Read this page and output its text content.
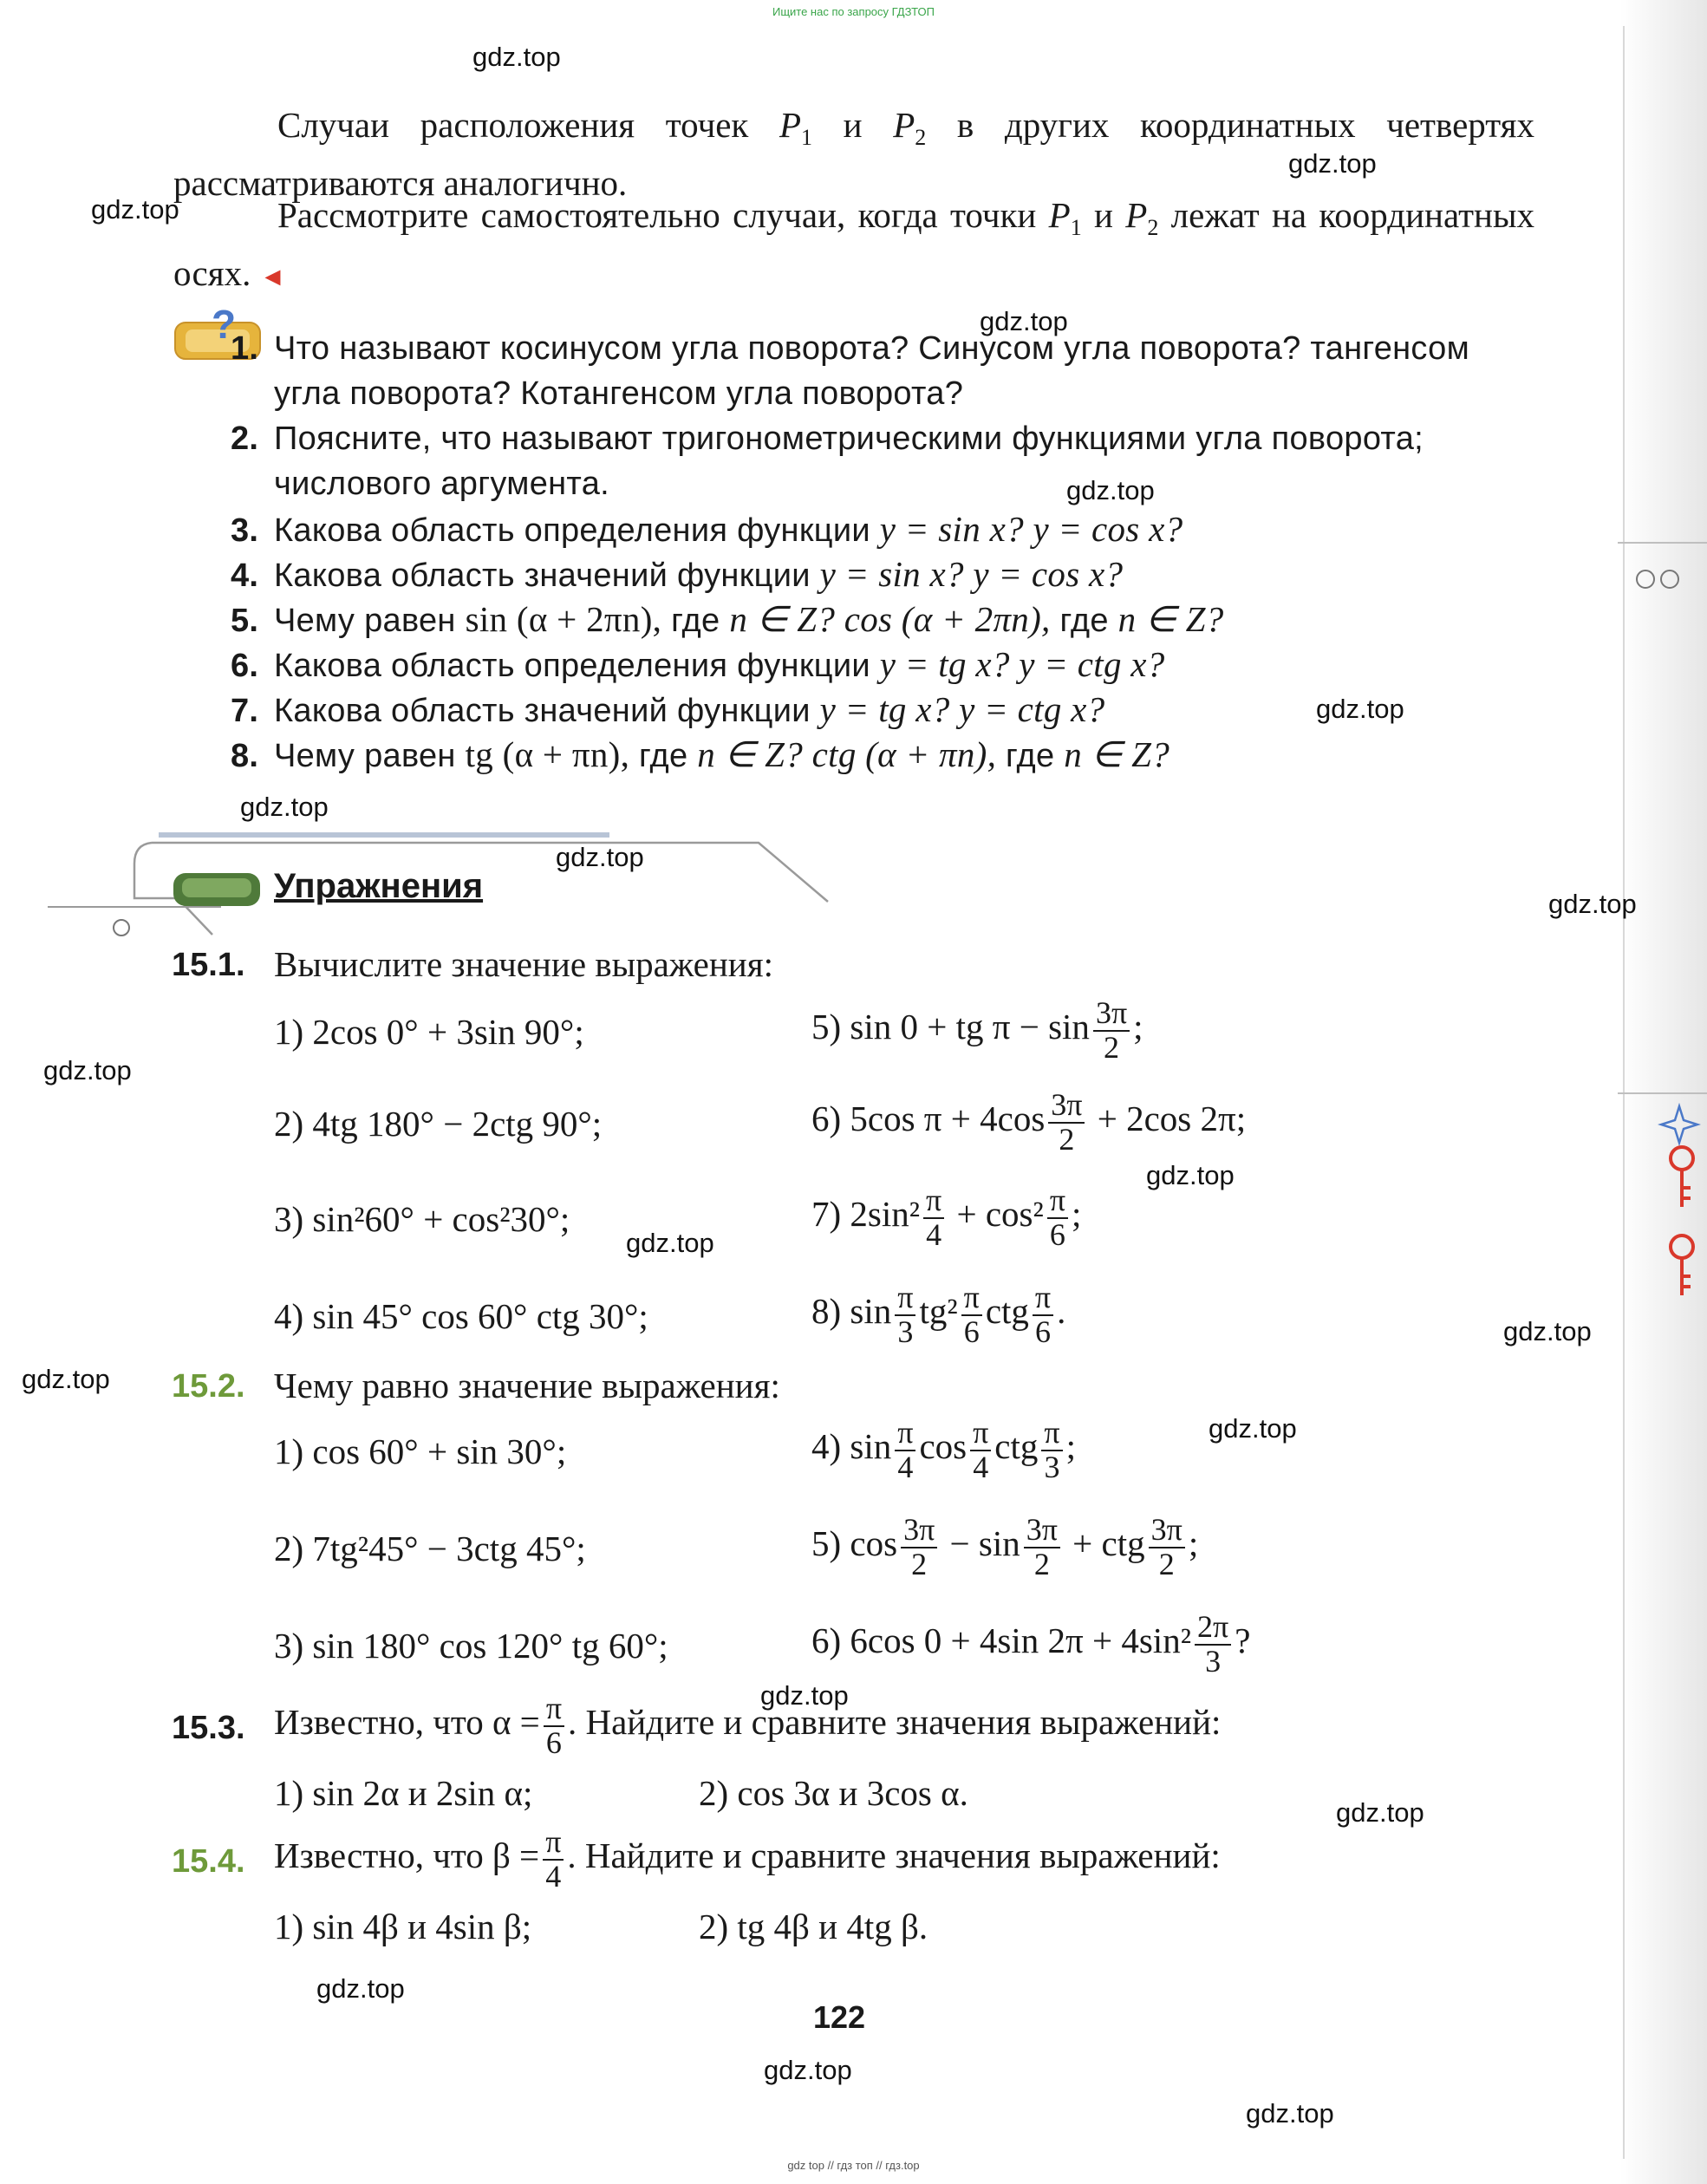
Ищите нас по запросу ГДЗТОП
gdz top // гдз топ // гдз.top
gdz.top
gdz.top
gdz.top
gdz.top
gdz.top
gdz.top
gdz.top
gdz.top
gdz.top
gdz.top
gdz.top
gdz.top
gdz.top
gdz.top
gdz.top
gdz.top
gdz.top
gdz.top
gdz.top
gdz.top
Случаи расположения точек $P_1$ и $P_2$ в других координатных четвертях рассматриваются аналогично.
Рассмотрите самостоятельно случаи, когда точки $P_1$ и $P_2$ лежат на координатных осях. ◄
?
1. Что называют косинусом угла поворота? Синусом угла поворота? тангенсом угла поворота? Котангенсом угла поворота?
2. Поясните, что называют тригонометрическими функциями угла поворота; числового аргумента.
3. Какова область определения функции y = sin x? y = cos x?
4. Какова область значений функции y = sin x? y = cos x?
5. Чему равен sin (α + 2πn), где n ∈ Z? cos (α + 2πn), где n ∈ Z?
6. Какова область определения функции y = tg x? y = ctg x?
7. Какова область значений функции y = tg x? y = ctg x?
8. Чему равен tg (α + πn), где n ∈ Z? ctg (α + πn), где n ∈ Z?
Упражнения
15.1. Вычислите значение выражения:
1) 2cos 0° + 3sin 90°;	5) sin 0 + tg $\pi - \sin \frac{3\pi}{2}$ ;
2) 4tg 180° − 2ctg 90°;	6) 5cos $\pi + 4\cos \frac{3\pi}{2} + 2\cos$ 2π;
3) sin²60° + cos²30°;	7) $2\sin^2 \frac{\pi}{4} + \cos^2 \frac{\pi}{6}$ ;
4) sin 45° cos 60° ctg 30°;	8) $\sin \frac{\pi}{3} tg^2 \frac{\pi}{6}$ ctg $\frac{\pi}{6}$ .
15.2. Чему равно значение выражения:
1) cos 60° + sin 30°;	4) $\sin \frac{\pi}{4}$ $\cos \frac{\pi}{4}$ ctg $\frac{\pi}{3}$ ;
2) 7tg²45° − 3ctg 45°;	5) $\cos \frac{3\pi}{2} - \sin \frac{3\pi}{2}$ + ctg $\frac{3\pi}{2}$ ;
3) sin 180° cos 120° tg 60°;	6) 6cos 0 + 4sin $2\pi + 4\sin^2 \frac{2\pi}{3}$ ?
15.3. Известно, что $\alpha = \frac{\pi}{6}$ . Найдите и сравните значения выражений:
1) sin 2α и 2sin α;	2) cos 3α и 3cos α.
15.4. Известно, что $\beta = \frac{\pi}{4}$ . Найдите и сравните значения выражений:
1) sin 4β и 4sin β;	2) tg 4β и 4tg β.
122
